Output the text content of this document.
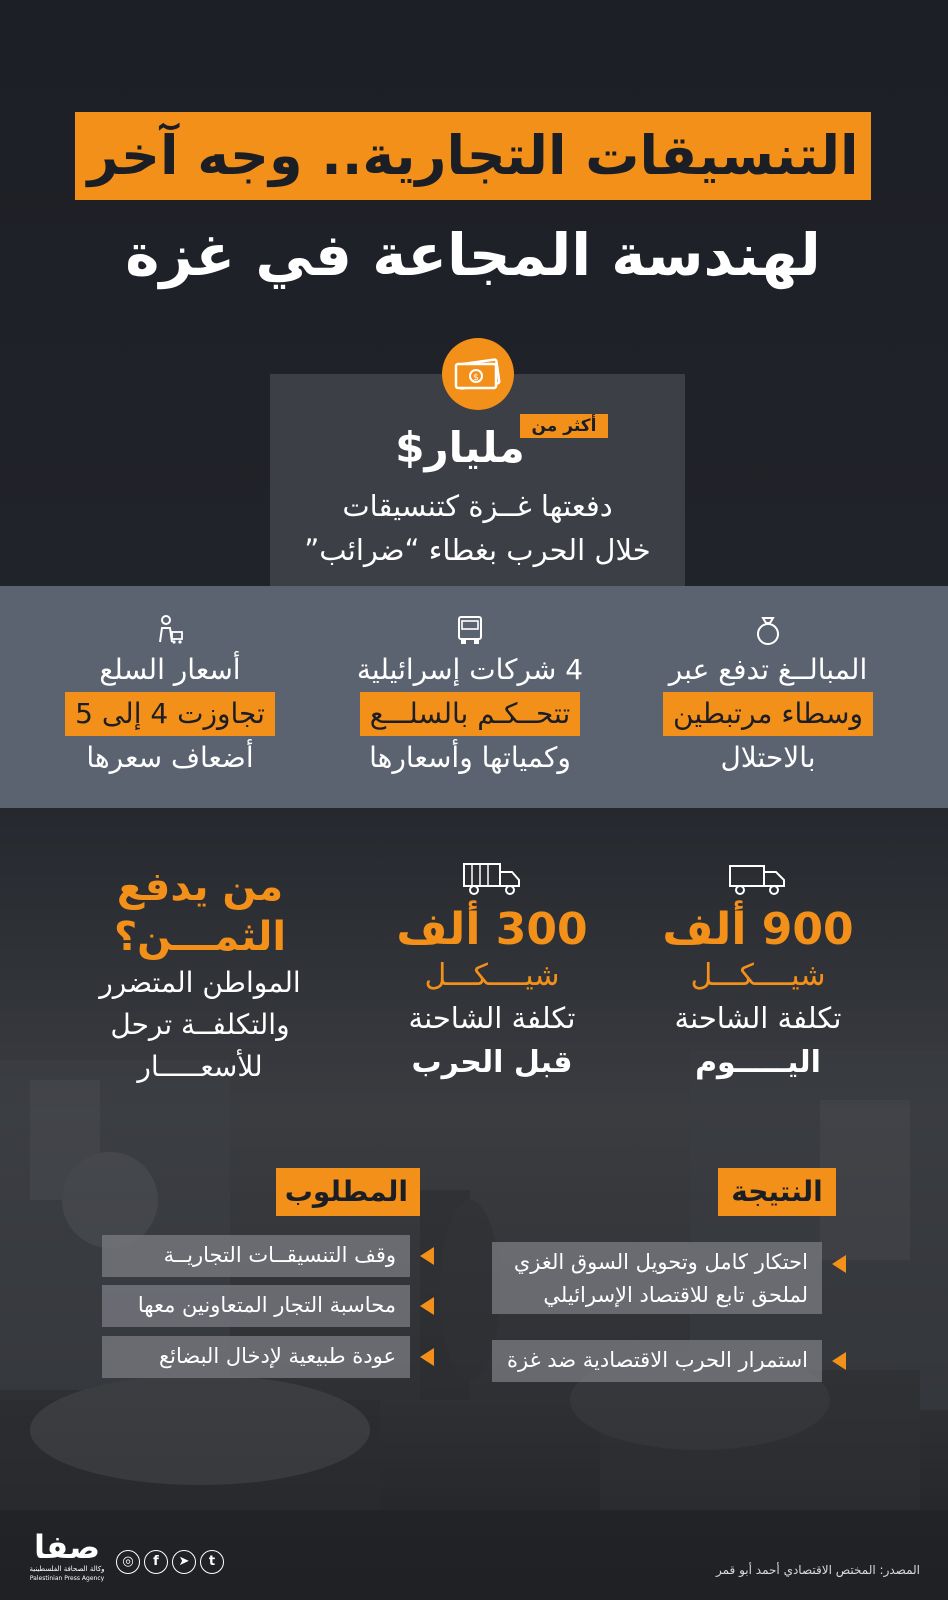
التنسيقات التجارية.. وجه آخر
لهندسة المجاعة في غزة
$
أكثر من
مليار$
دفعتها غــزة كتنسيقات
خلال الحرب بغطاء “ضرائب”
المبالــغ تدفع عبر
وسطاء مرتبطين
بالاحتلال
4 شركات إسرائيلية
تتحــكـم بالسلـــع
وكمياتها وأسعارها
أسعار السلع
تجاوزت 4 إلى 5
أضعاف سعرها
900 ألف
شيــــكـــل
تكلفة الشاحنة
اليـــــوم
300 ألف
شيــــكـــل
تكلفة الشاحنة
قبل الحرب
من يدفع
الثمـــن؟
المواطن المتضرر
والتكلفــة ترحل
للأسعـــــار
النتيجة
احتكار كامل وتحويل السوق الغزي لملحق تابع للاقتصاد الإسرائيلي
استمرار الحرب الاقتصادية ضد غزة
المطلوب
وقف التنسيقــات التجاريــة
محاسبة التجار المتعاونين معها
عودة طبيعية لإدخال البضائع
المصدر: المختص الاقتصادي أحمد أبو قمر
صفا
وكالة الصحافة الفلسطينية
Palestinian Press Agency
◎	f	➤	t
